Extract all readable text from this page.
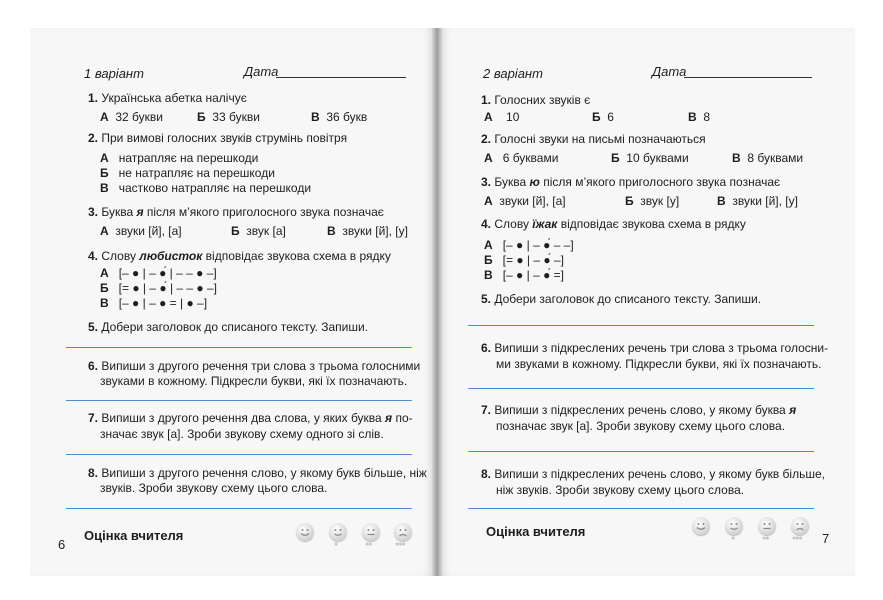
1 варіант	Дата
1. Українська абетка налічує
А 32 букви	Б 33 букви	В 36 букв
2. При вимові голосних звуків струмінь повітря
А натрапляє на перешкоди
Б не натрапляє на перешкоди
В частково натрапляє на перешкоди
3. Буква я після м’якого приголосного звука позначає
А звуки [й], [а]	Б звук [а]	В звуки [й], [у]
4. Слову любисток відповідає звукова схема в рядку
А [– ● | – ●́ | – – ● –]
Б [= ● | – ●́ | – – ● –]
В [– ● | – ● = | ● –]
5. Добери заголовок до списаного тексту. Запиши.
6. Випиши з другого речення три слова з трьома голосними
звуками в кожному. Підкресли букви, які їх позначають.
7. Випиши з другого речення два слова, у яких буква я по-
значає звук [а]. Зроби звукову схему одного зі слів.
8. Випиши з другого речення слово, у якому букв більше, ніж
звуків. Зроби звукову схему цього слова.
Оцінка вчителя
6	●	●●	●●●
2 варіант	Дата
1. Голосних звуків є
А 10	Б 6	В 8
2. Голосні звуки на письмі позначаються
А 6 буквами	Б 10 буквами	В 8 буквами
3. Буква ю після м’якого приголосного звука позначає
А звуки [й], [а]	Б звук [у]	В звуки [й], [у]
4. Слову їжак відповідає звукова схема в рядку
А [– ● | – ●́ – –]
Б [= ● | – ●́ –]
В [– ● | – ●́ =]
5. Добери заголовок до списаного тексту. Запиши.
6. Випиши з підкреслених речень три слова з трьома голосни-
ми звуками в кожному. Підкресли букви, які їх позначають.
7. Випиши з підкреслених речень слово, у якому буква я
позначає звук [а]. Зроби звукову схему цього слова.
8. Випиши з підкреслених речень слово, у якому букв більше,
ніж звуків. Зроби звукову схему цього слова.
Оцінка вчителя	7
●	●●	●●●
